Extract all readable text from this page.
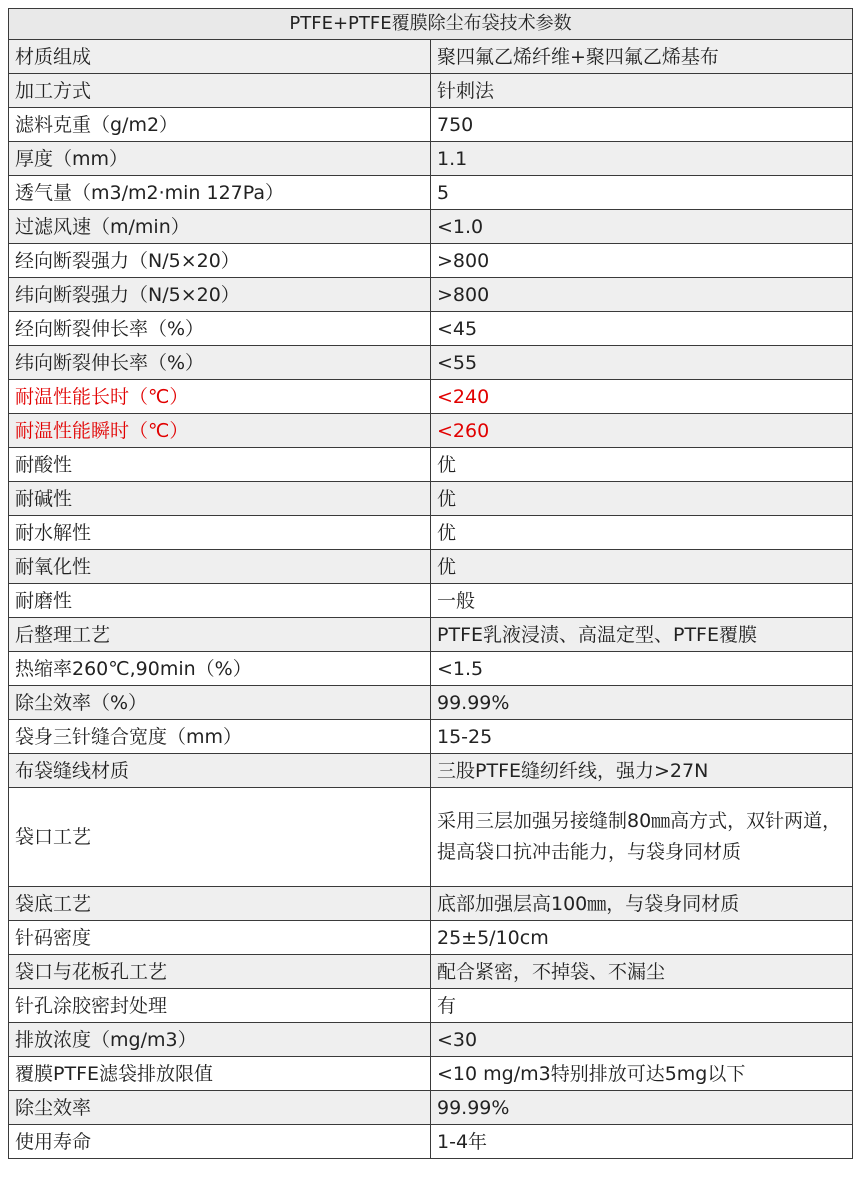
PTFE+PTFE覆膜除尘布袋技术参数	
材质组成	聚四氟乙烯纤维+聚四氟乙烯基布
加工方式	针刺法
滤料克重（g/m2）	750
厚度（mm）	1.1
透气量（m3/m2·min 127Pa）	5
过滤风速（m/min）	<1.0
经向断裂强力（N/5×20）	>800
纬向断裂强力（N/5×20）	>800
经向断裂伸长率（%）	<45
纬向断裂伸长率（%）	<55
耐温性能长时（℃）	<240
耐温性能瞬时（℃）	<260
耐酸性	优
耐碱性	优
耐水解性	优
耐氧化性	优
耐磨性	一般
后整理工艺	PTFE乳液浸渍、高温定型、PTFE覆膜
热缩率260℃,90min（%）	<1.5
除尘效率（%）	99.99%
袋身三针缝合宽度（mm）	15-25
布袋缝线材质	三股PTFE缝纫纤线，强力>27N
袋口工艺	采用三层加强另接缝制80㎜高方式，双针两道，提高袋口抗冲击能力，与袋身同材质
袋底工艺	底部加强层高100㎜，与袋身同材质
针码密度	25±5/10cm
袋口与花板孔工艺	配合紧密，不掉袋、不漏尘
针孔涂胶密封处理	有
排放浓度（mg/m3）	<30
覆膜PTFE滤袋排放限值	<10 mg/m3特别排放可达5mg以下
除尘效率	99.99%
使用寿命	1-4年
